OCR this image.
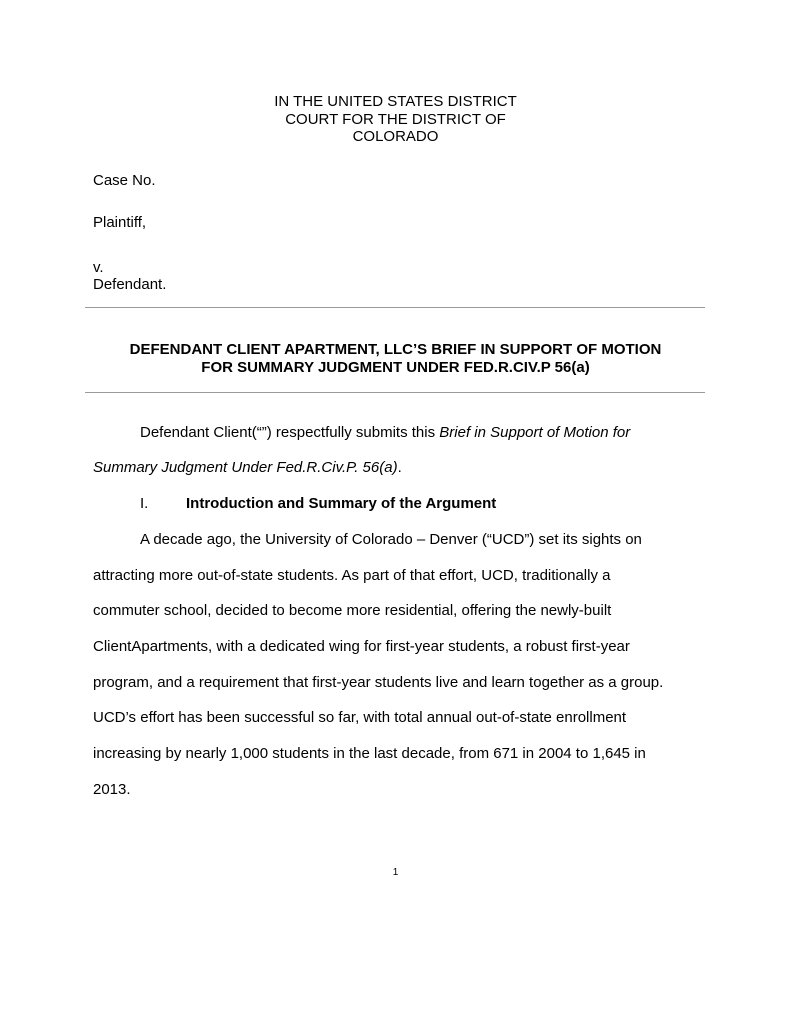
IN THE UNITED STATES DISTRICT
COURT FOR THE DISTRICT OF
COLORADO
Case No.
Plaintiff,
v.
Defendant.
DEFENDANT CLIENT APARTMENT, LLC’S BRIEF IN SUPPORT OF MOTION
FOR SUMMARY JUDGMENT UNDER FED.R.CIV.P 56(a)
Defendant Client(“”) respectfully submits this Brief in Support of Motion for
Summary Judgment Under Fed.R.Civ.P. 56(a).
I.	Introduction and Summary of the Argument
A decade ago, the University of Colorado – Denver (“UCD”) set its sights on
attracting more out-of-state students. As part of that effort, UCD, traditionally a
commuter school, decided to become more residential, offering the newly-built
ClientApartments, with a dedicated wing for first-year students, a robust first-year
program, and a requirement that first-year students live and learn together as a group.
UCD’s effort has been successful so far, with total annual out-of-state enrollment
increasing by nearly 1,000 students in the last decade, from 671 in 2004 to 1,645 in
2013.
1
